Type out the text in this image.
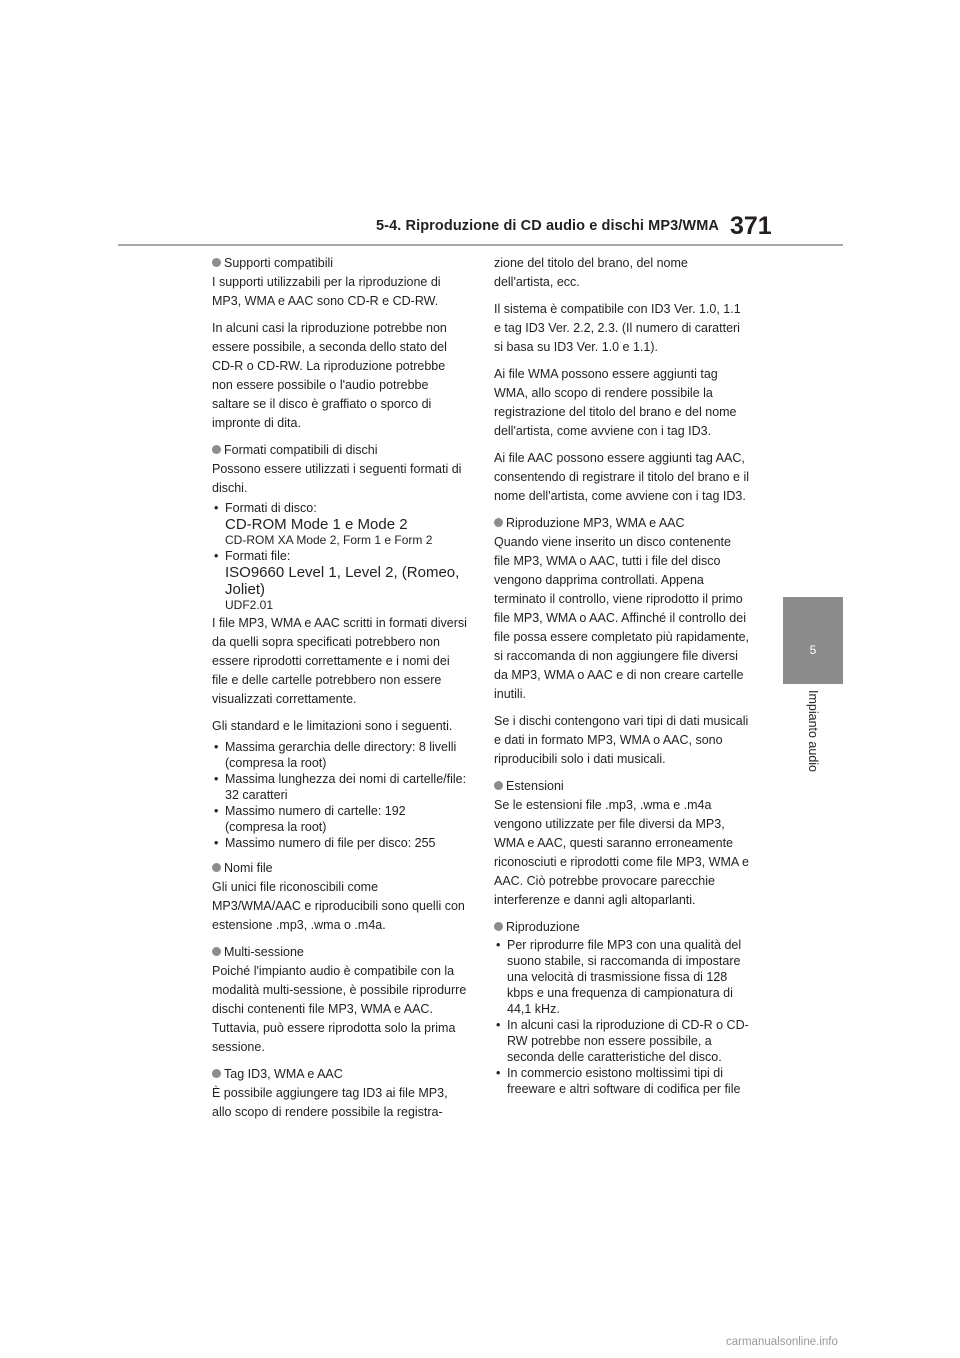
5-4. Riproduzione di CD audio e dischi MP3/WMA 371
5
Impianto audio

Supporti compatibili

I supporti utilizzabili per la riproduzione di MP3, WMA e AAC sono CD-R e CD-RW.

In alcuni casi la riproduzione potrebbe non essere possibile, a seconda dello stato del CD-R o CD-RW. La riproduzione potrebbe non essere possibile o l'audio potrebbe saltare se il disco è graffiato o sporco di impronte di dita.

Formati compatibili di dischi

Possono essere utilizzati i seguenti formati di dischi.

• Formati di disco:
CD-ROM Mode 1 e Mode 2
CD-ROM XA Mode 2, Form 1 e Form 2
• Formati file:
ISO9660 Level 1, Level 2, (Romeo, Joliet)
UDF2.01

I file MP3, WMA e AAC scritti in formati diversi da quelli sopra specificati potrebbero non essere riprodotti correttamente e i nomi dei file e delle cartelle potrebbero non essere visualizzati correttamente.

Gli standard e le limitazioni sono i seguenti.

• Massima gerarchia delle directory: 8 livelli (compresa la root)
• Massima lunghezza dei nomi di cartelle/file: 32 caratteri
• Massimo numero di cartelle: 192 (compresa la root)
• Massimo numero di file per disco: 255

Nomi file

Gli unici file riconoscibili come MP3/WMA/AAC e riproducibili sono quelli con estensione .mp3, .wma o .m4a.

Multi-sessione

Poiché l'impianto audio è compatibile con la modalità multi-sessione, è possibile riprodurre dischi contenenti file MP3, WMA e AAC. Tuttavia, può essere riprodotta solo la prima sessione.

Tag ID3, WMA e AAC

È possibile aggiungere tag ID3 ai file MP3, allo scopo di rendere possibile la registra-

zione del titolo del brano, del nome dell'artista, ecc.

Il sistema è compatibile con ID3 Ver. 1.0, 1.1 e tag ID3 Ver. 2.2, 2.3. (Il numero di caratteri si basa su ID3 Ver. 1.0 e 1.1).

Ai file WMA possono essere aggiunti tag WMA, allo scopo di rendere possibile la registrazione del titolo del brano e del nome dell'artista, come avviene con i tag ID3.

Ai file AAC possono essere aggiunti tag AAC, consentendo di registrare il titolo del brano e il nome dell'artista, come avviene con i tag ID3.

Riproduzione MP3, WMA e AAC

Quando viene inserito un disco contenente file MP3, WMA o AAC, tutti i file del disco vengono dapprima controllati. Appena terminato il controllo, viene riprodotto il primo file MP3, WMA o AAC. Affinché il controllo dei file possa essere completato più rapidamente, si raccomanda di non aggiungere file diversi da MP3, WMA o AAC e di non creare cartelle inutili.

Se i dischi contengono vari tipi di dati musicali e dati in formato MP3, WMA o AAC, sono riproducibili solo i dati musicali.

Estensioni

Se le estensioni file .mp3, .wma e .m4a vengono utilizzate per file diversi da MP3, WMA e AAC, questi saranno erroneamente riconosciuti e riprodotti come file MP3, WMA e AAC. Ciò potrebbe provocare parecchie interferenze e danni agli altoparlanti.

Riproduzione

• Per riprodurre file MP3 con una qualità del suono stabile, si raccomanda di impostare una velocità di trasmissione fissa di 128 kbps e una frequenza di campionatura di 44,1 kHz.
• In alcuni casi la riproduzione di CD-R o CD-RW potrebbe non essere possibile, a seconda delle caratteristiche del disco.
• In commercio esistono moltissimi tipi di freeware e altri software di codifica per file
carmanualsonline.info
